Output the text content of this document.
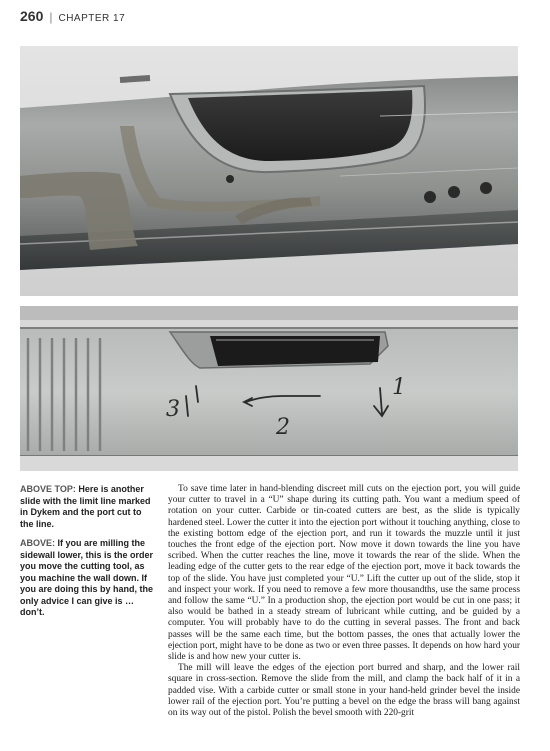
260 | CHAPTER 17
1
2
3

ABOVE TOP: Here is another slide with the limit line marked in Dykem and the port cut to the line.

ABOVE: If you are milling the sidewall lower, this is the order you move the cutting tool, as you machine the wall down. If you are doing this by hand, the only advice I can give is … don’t.

To save time later in hand-blending discreet mill cuts on the ejection port, you will guide your cutter to travel in a “U” shape during its cutting path. You want a medium speed of rotation on your cutter. Carbide or tin-coated cutters are best, as the slide is typically hardened steel. Lower the cutter it into the ejection port without it touching anything, close to the existing bottom edge of the ejection port, and run it towards the muzzle until it just touches the front edge of the ejection port. Now move it down towards the line you have scribed. When the cutter reaches the line, move it towards the rear of the slide. When the leading edge of the cutter gets to the rear edge of the ejection port, move it back towards the top of the slide. You have just completed your “U.” Lift the cutter up out of the slide, stop it and inspect your work. If you need to remove a few more thousandths, use the same process and follow the same “U.” In a production shop, the ejection port would be cut in one pass; it also would be bathed in a steady stream of lubricant while cutting, and be guided by a computer. You will probably have to do the cutting in several passes. The front and back passes will be the same each time, but the bottom passes, the ones that actually lower the ejection port, might have to be done as two or even three passes. It depends on how hard your slide is and how new your cutter is.

The mill will leave the edges of the ejection port burred and sharp, and the lower rail square in cross-section. Remove the slide from the mill, and clamp the back half of it in a padded vise. With a carbide cutter or small stone in your hand-held grinder bevel the inside lower rail of the ejection port. You’re putting a bevel on the edge the brass will bang against on its way out of the pistol. Polish the bevel smooth with 220-grit
